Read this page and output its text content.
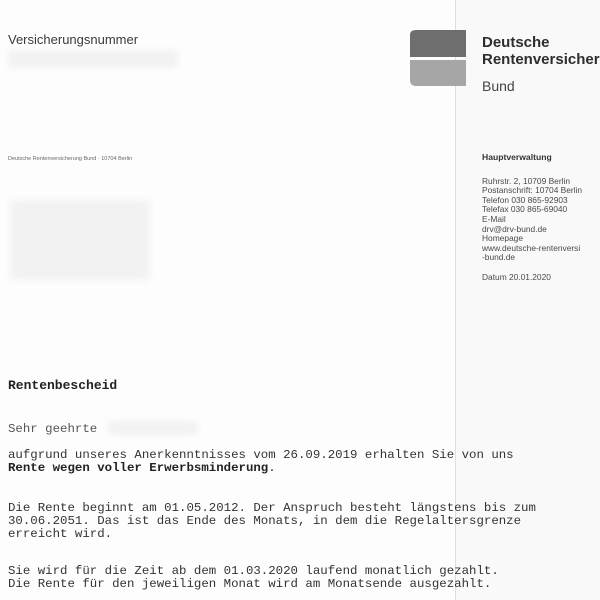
Versicherungsnummer	Deutsche
Rentenversicher
Bund
Deutsche Rentenversicherung Bund · 10704 Berlin	Hauptverwaltung
Ruhrstr. 2, 10709 Berlin
Postanschrift: 10704 Berlin
Telefon 030 865-92903
Telefax 030 865-69040
E-Mail
drv@drv-bund.de
Homepage
www.deutsche-rentenversi
-bund.de
Datum 20.01.2020
Rentenbescheid
Sehr geehrte
aufgrund unseres Anerkenntnisses vom 26.09.2019 erhalten Sie von uns
Rente wegen voller Erwerbsminderung.
Die Rente beginnt am 01.05.2012. Der Anspruch besteht längstens bis zum
30.06.2051. Das ist das Ende des Monats, in dem die Regelaltersgrenze
erreicht wird.
Sie wird für die Zeit ab dem 01.03.2020 laufend monatlich gezahlt.
Die Rente für den jeweiligen Monat wird am Monatsende ausgezahlt.
